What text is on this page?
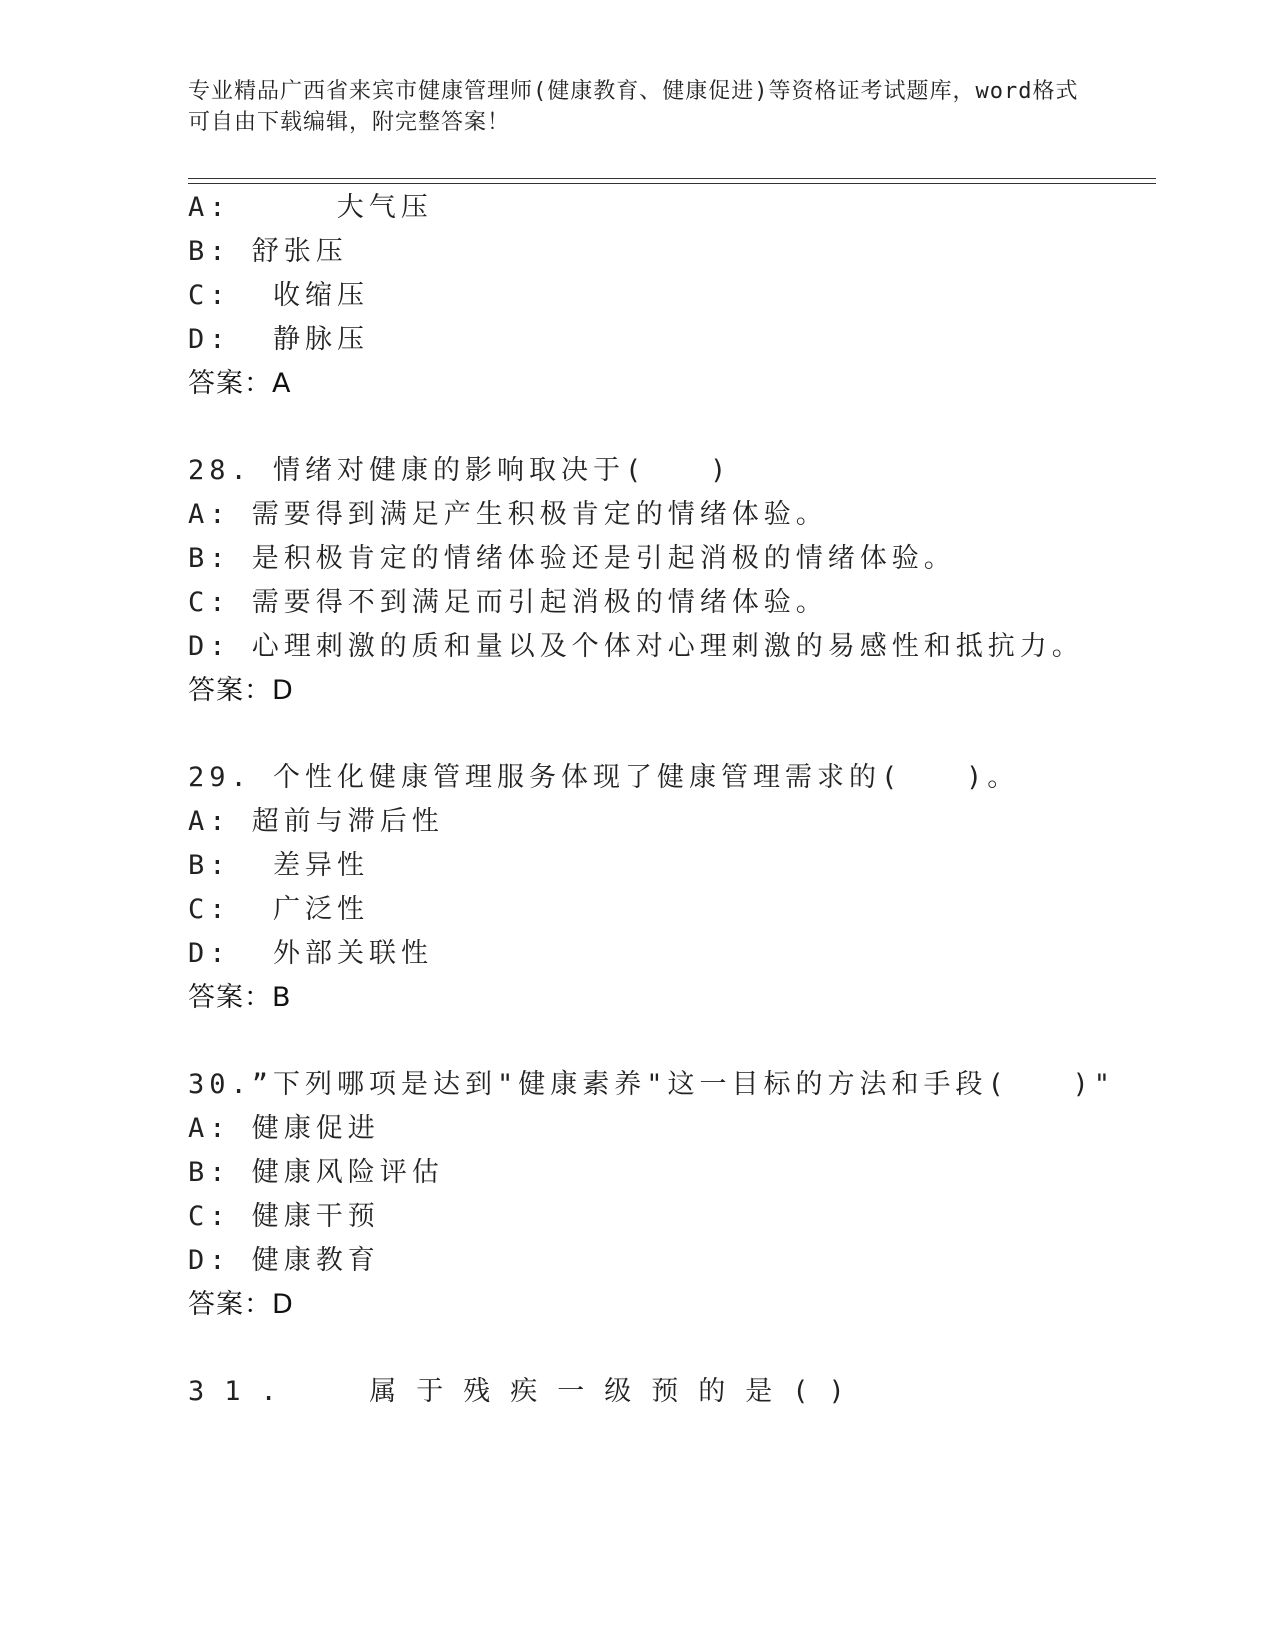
专业精品广西省来宾市健康管理师(健康教育、健康促进)等资格证考试题库，word格式可自由下载编辑，附完整答案！
A:     大气压
B: 舒张压
C:  收缩压
D:  静脉压
答案：A
28. 情绪对健康的影响取决于(   )
A: 需要得到满足产生积极肯定的情绪体验。
B: 是积极肯定的情绪体验还是引起消极的情绪体验。
C: 需要得不到满足而引起消极的情绪体验。
D: 心理刺激的质和量以及个体对心理刺激的易感性和抵抗力。
答案：D
29. 个性化健康管理服务体现了健康管理需求的(   )。
A: 超前与滞后性
B:  差异性
C:  广泛性
D:  外部关联性
答案：B
30.”下列哪项是达到"健康素养"这一目标的方法和手段(   )"
A: 健康促进
B: 健康风险评估
C: 健康干预
D: 健康教育
答案：D
31.  属于残疾一级预的是()
